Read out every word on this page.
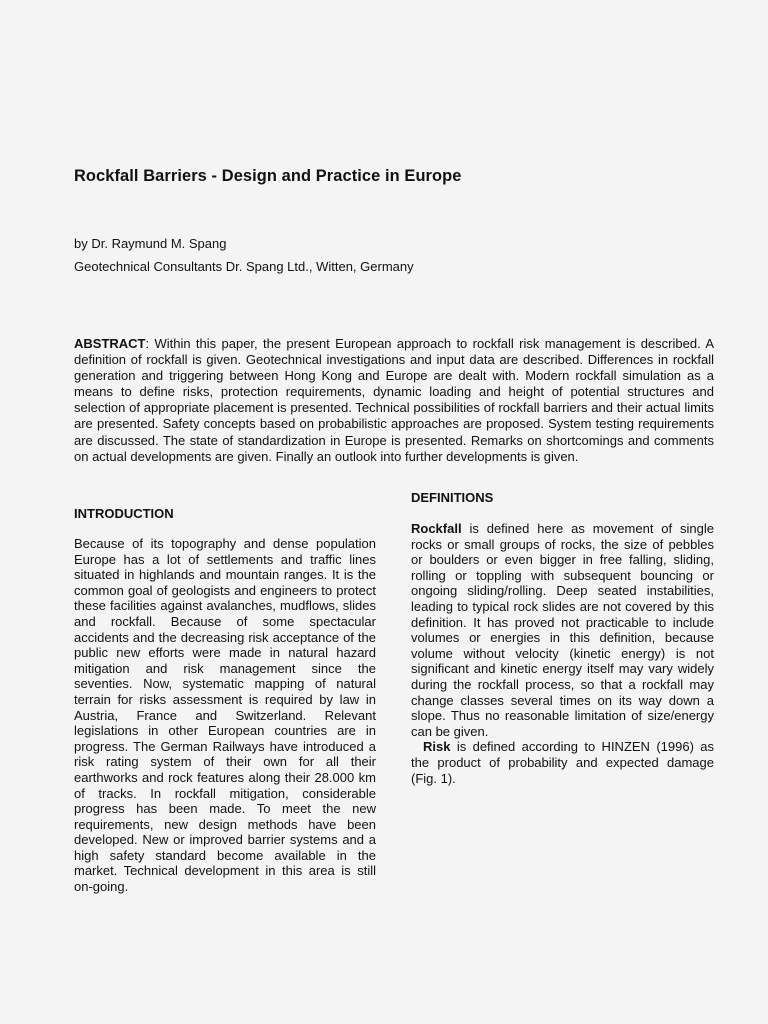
Rockfall Barriers - Design and Practice in Europe
by Dr. Raymund M. Spang
Geotechnical Consultants Dr. Spang Ltd., Witten, Germany

ABSTRACT: Within this paper, the present European approach to rockfall risk management is described. A definition of rockfall is given. Geotechnical investigations and input data are described. Differences in rockfall generation and triggering between Hong Kong and Europe are dealt with. Modern rockfall simulation as a means to define risks, protection requirements, dynamic loading and height of potential structures and selection of appropriate placement is presented. Technical possibilities of rockfall barriers and their actual limits are presented. Safety concepts based on probabilistic approaches are proposed. System testing requirements are discussed. The state of standardization in Europe is presented. Remarks on shortcomings and comments on actual developments are given. Finally an outlook into further developments is given.

INTRODUCTION

Because of its topography and dense population Europe has a lot of settlements and traffic lines situated in highlands and mountain ranges. It is the common goal of geologists and engineers to protect these facilities against avalanches, mudflows, slides and rockfall. Because of some spectacular accidents and the decreasing risk acceptance of the public new efforts were made in natural hazard mitigation and risk management since the seventies. Now, systematic mapping of natural terrain for risks assessment is required by law in Austria, France and Switzerland. Relevant legislations in other European countries are in progress. The German Railways have introduced a risk rating system of their own for all their earthworks and rock features along their 28.000 km of tracks. In rockfall mitigation, considerable progress has been made. To meet the new requirements, new design methods have been developed. New or improved barrier systems and a high safety standard become available in the market. Technical development in this area is still on-going.

DEFINITIONS

Rockfall is defined here as movement of single rocks or small groups of rocks, the size of pebbles or boulders or even bigger in free falling, sliding, rolling or toppling with subsequent bouncing or ongoing sliding/rolling. Deep seated instabilities, leading to typical rock slides are not covered by this definition. It has proved not practicable to include volumes or energies in this definition, because volume without velocity (kinetic energy) is not significant and kinetic energy itself may vary widely during the rockfall process, so that a rockfall may change classes several times on its way down a slope. Thus no reasonable limitation of size/energy can be given.

Risk is defined according to HINZEN (1996) as the product of probability and expected damage (Fig. 1).
